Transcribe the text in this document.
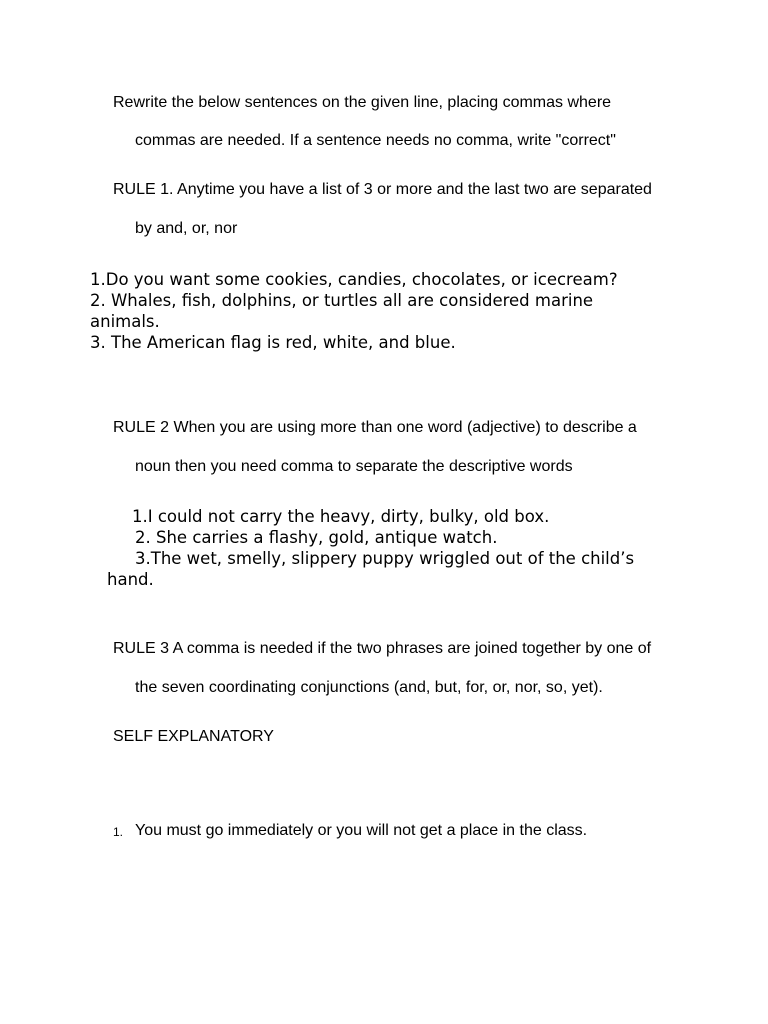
Rewrite the below sentences on the given line, placing commas where
commas are needed. If a sentence needs no comma, write "correct"
RULE 1. Anytime you have a list of 3 or more and the last two are separated
by and, or, nor
1.Do you want some cookies, candies, chocolates, or icecream?
2. Whales, fish, dolphins, or turtles all are considered marine
animals.
3. The American flag is red, white, and blue.
RULE 2 When you are using more than one word (adjective) to describe a
noun then you need comma to separate the descriptive words
1.I could not carry the heavy, dirty, bulky, old box.
2. She carries a flashy, gold, antique watch.
3.The wet, smelly, slippery puppy wriggled out of the child’s
hand.
RULE 3 A comma is needed if the two phrases are joined together by one of
the seven coordinating conjunctions (and, but, for, or, nor, so, yet).
SELF EXPLANATORY
1. You must go immediately or you will not get a place in the class.
